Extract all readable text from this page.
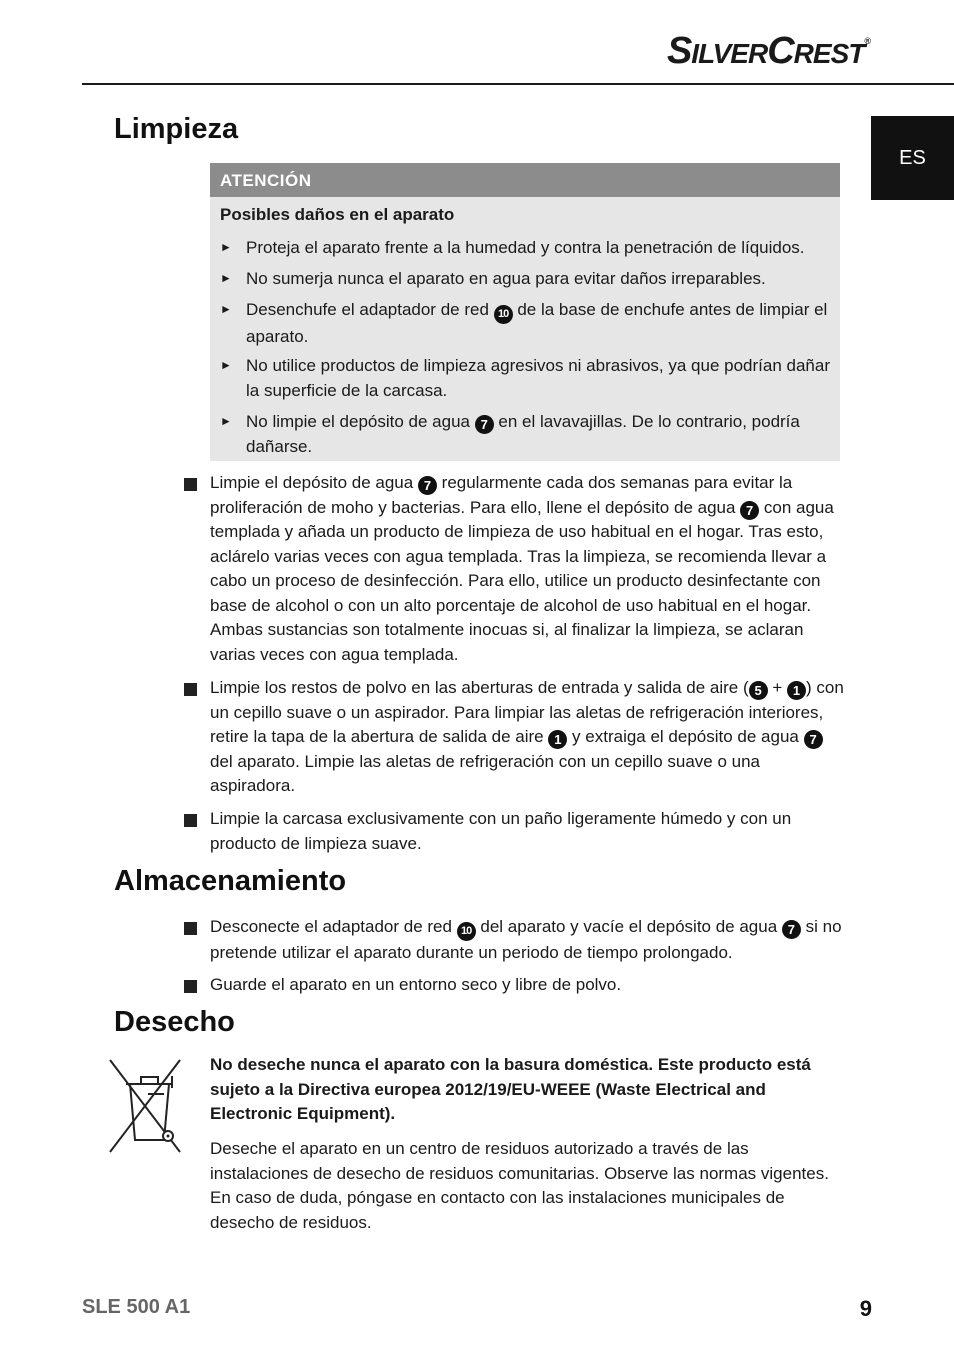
SILVERCREST®
ES
Limpieza
ATENCIÓN
Posibles daños en el aparato
► Proteja el aparato frente a la humedad y contra la penetración de líquidos.
► No sumerja nunca el aparato en agua para evitar daños irreparables.
► Desenchufe el adaptador de red 10 de la base de enchufe antes de limpiar el aparato.
► No utilice productos de limpieza agresivos ni abrasivos, ya que podrían dañar la superficie de la carcasa.
► No limpie el depósito de agua 7 en el lavavajillas. De lo contrario, podría dañarse.
Limpie el depósito de agua 7 regularmente cada dos semanas para evitar la proliferación de moho y bacterias. Para ello, llene el depósito de agua 7 con agua templada y añada un producto de limpieza de uso habitual en el hogar. Tras esto, aclárelo varias veces con agua templada. Tras la limpieza, se recomienda llevar a cabo un proceso de desinfección. Para ello, utilice un producto desinfectante con base de alcohol o con un alto porcentaje de alcohol de uso habitual en el hogar. Ambas sustancias son totalmente inocuas si, al finalizar la limpieza, se aclaran varias veces con agua templada.
Limpie los restos de polvo en las aberturas de entrada y salida de aire ( 5 + 1 ) con un cepillo suave o un aspirador. Para limpiar las aletas de refrigeración interiores, retire la tapa de la abertura de salida de aire 1 y extraiga el depósito de agua 7 del aparato. Limpie las aletas de refrigeración con un cepillo suave o una aspiradora.
Limpie la carcasa exclusivamente con un paño ligeramente húmedo y con un producto de limpieza suave.
Almacenamiento
Desconecte el adaptador de red 10 del aparato y vacíe el depósito de agua 7 si no pretende utilizar el aparato durante un periodo de tiempo prolongado.
Guarde el aparato en un entorno seco y libre de polvo.
Desecho
No deseche nunca el aparato con la basura doméstica. Este producto está sujeto a la Directiva europea 2012/19/EU-WEEE (Waste Electrical and Electronic Equipment).
Deseche el aparato en un centro de residuos autorizado a través de las instalaciones de desecho de residuos comunitarias. Observe las normas vigentes. En caso de duda, póngase en contacto con las instalaciones municipales de desecho de residuos.
SLE 500 A1	9
